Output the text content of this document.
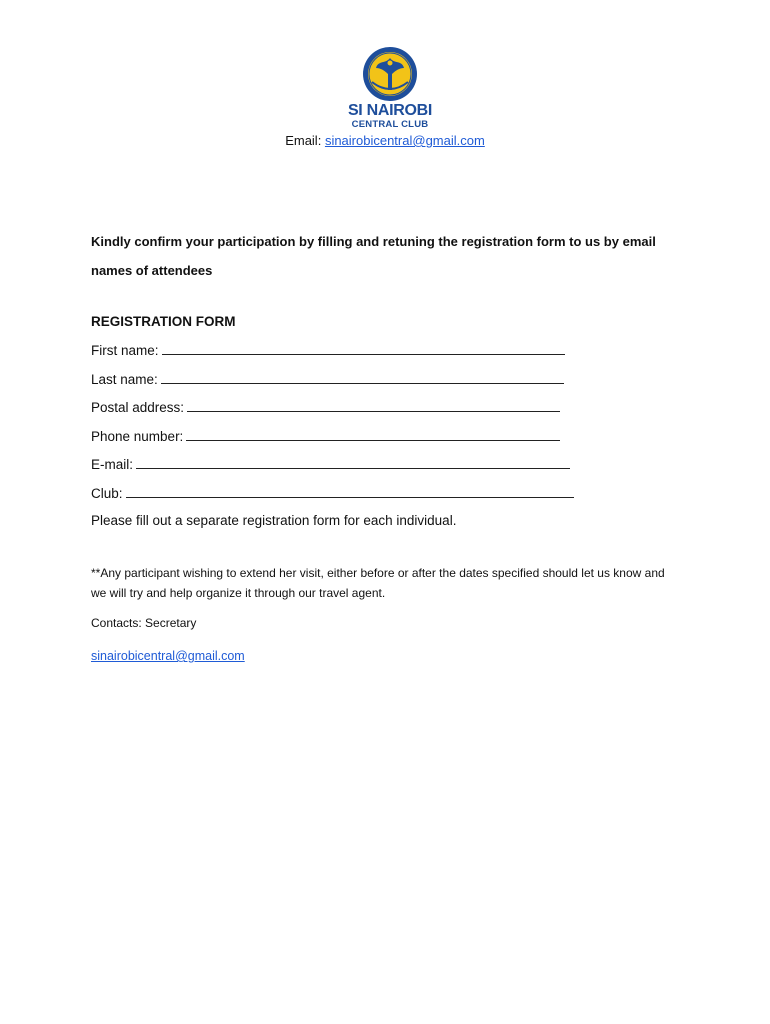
SI NAIROBI
CENTRAL CLUB
Email: sinairobicentral@gmail.com
Kindly confirm your participation by filling and retuning the registration form to us by email names of attendees
REGISTRATION FORM
First name:
Last name:
Postal address:
Phone number:
E-mail:
Club:
Please fill out a separate registration form for each individual.
**Any participant wishing to extend her visit, either before or after the dates specified should let us know and we will try and help organize it through our travel agent.
Contacts: Secretary
sinairobicentral@gmail.com
